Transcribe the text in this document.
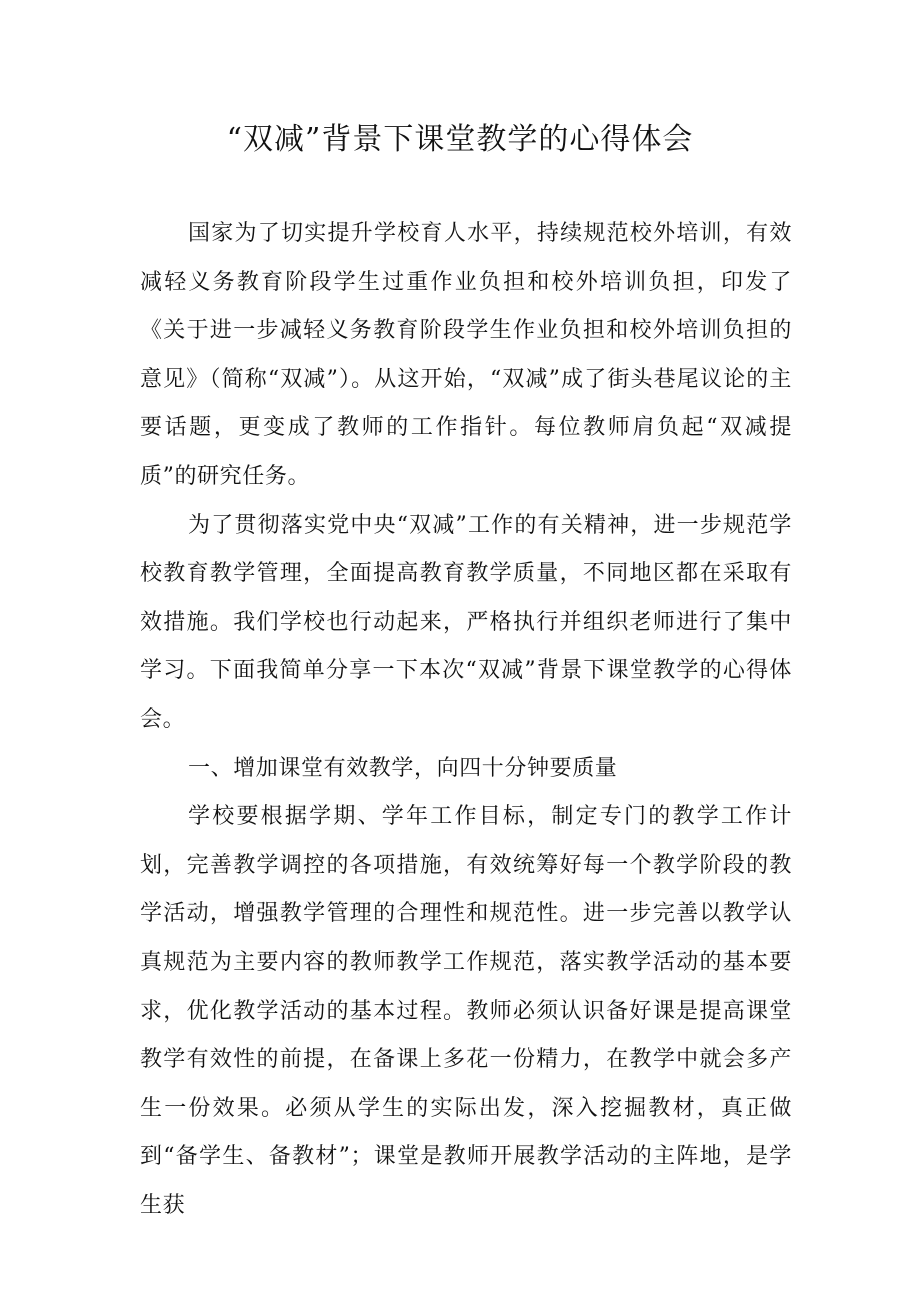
“双减”背景下课堂教学的心得体会

国家为了切实提升学校育人水平，持续规范校外培训，有效减轻义务教育阶段学生过重作业负担和校外培训负担，印发了《关于进一步减轻义务教育阶段学生作业负担和校外培训负担的意见》（简称“双减”）。从这开始，“双减”成了街头巷尾议论的主要话题，更变成了教师的工作指针。每位教师肩负起“双减提质”的研究任务。

为了贯彻落实党中央“双减”工作的有关精神，进一步规范学校教育教学管理，全面提高教育教学质量，不同地区都在采取有效措施。我们学校也行动起来，严格执行并组织老师进行了集中学习。下面我简单分享一下本次“双减”背景下课堂教学的心得体会。

一、增加课堂有效教学，向四十分钟要质量

学校要根据学期、学年工作目标，制定专门的教学工作计划，完善教学调控的各项措施，有效统筹好每一个教学阶段的教学活动，增强教学管理的合理性和规范性。进一步完善以教学认真规范为主要内容的教师教学工作规范，落实教学活动的基本要求，优化教学活动的基本过程。教师必须认识备好课是提高课堂教学有效性的前提，在备课上多花一份精力，在教学中就会多产生一份效果。必须从学生的实际出发，深入挖掘教材，真正做到“备学生、备教材”；课堂是教师开展教学活动的主阵地，是学生获
